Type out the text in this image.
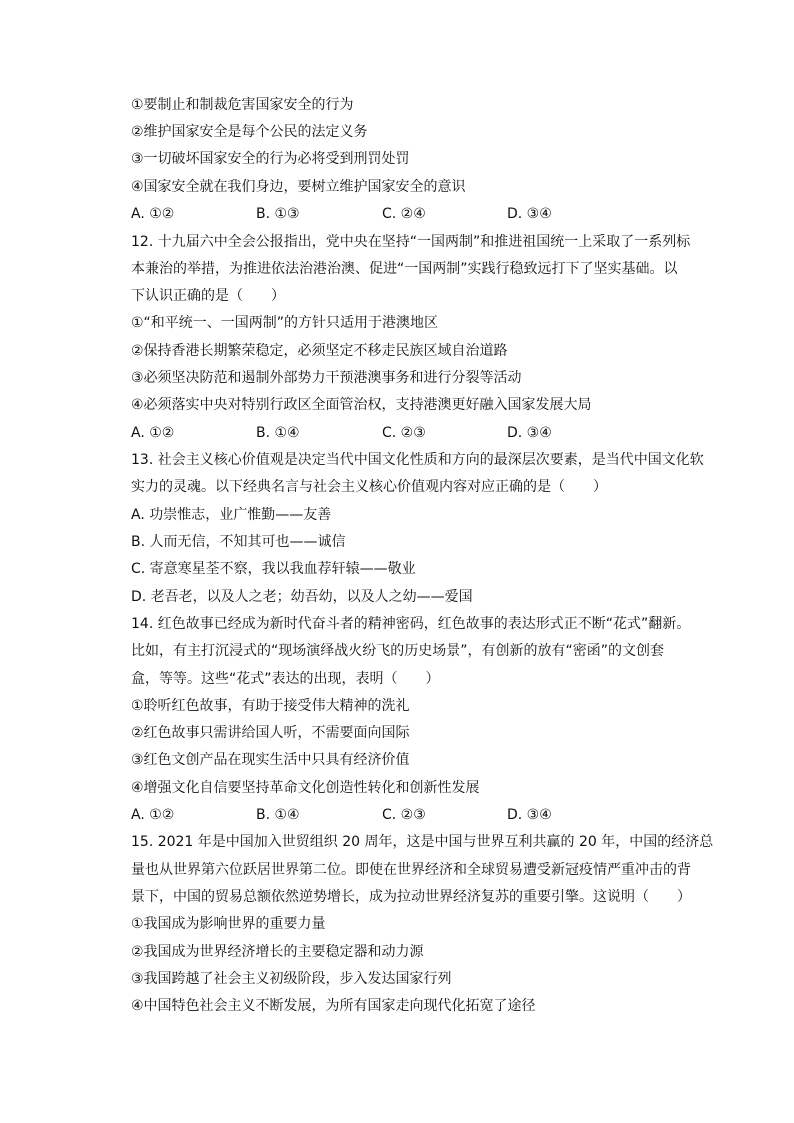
①要制止和制裁危害国家安全的行为
②维护国家安全是每个公民的法定义务
③一切破坏国家安全的行为必将受到刑罚处罚
④国家安全就在我们身边，要树立维护国家安全的意识
A. ①②	B. ①③	C. ②④	D. ③④
12. 十九届六中全会公报指出，党中央在坚持“一国两制”和推进祖国统一上采取了一系列标
本兼治的举措，为推进依法治港治澳、促进“一国两制”实践行稳致远打下了坚实基础。以
下认识正确的是（　　）
①“和平统一、一国两制”的方针只适用于港澳地区
②保持香港长期繁荣稳定，必须坚定不移走民族区域自治道路
③必须坚决防范和遏制外部势力干预港澳事务和进行分裂等活动
④必须落实中央对特别行政区全面管治权，支持港澳更好融入国家发展大局
A. ①②	B. ①④	C. ②③	D. ③④
13. 社会主义核心价值观是决定当代中国文化性质和方向的最深层次要素，是当代中国文化软
实力的灵魂。以下经典名言与社会主义核心价值观内容对应正确的是（　　）
A. 功崇惟志，业广惟勤——友善
B. 人而无信，不知其可也——诚信
C. 寄意寒星荃不察，我以我血荐轩辕——敬业
D. 老吾老，以及人之老；幼吾幼，以及人之幼——爱国
14. 红色故事已经成为新时代奋斗者的精神密码，红色故事的表达形式正不断“花式”翻新。
比如，有主打沉浸式的“现场演绎战火纷飞的历史场景”，有创新的放有“密函”的文创套
盒，等等。这些“花式”表达的出现，表明（　　）
①聆听红色故事，有助于接受伟大精神的洗礼
②红色故事只需讲给国人听，不需要面向国际
③红色文创产品在现实生活中只具有经济价值
④增强文化自信要坚持革命文化创造性转化和创新性发展
A. ①②	B. ①④	C. ②③	D. ③④
15. 2021 年是中国加入世贸组织 20 周年，这是中国与世界互利共赢的 20 年，中国的经济总
量也从世界第六位跃居世界第二位。即使在世界经济和全球贸易遭受新冠疫情严重冲击的背
景下，中国的贸易总额依然逆势增长，成为拉动世界经济复苏的重要引擎。这说明（　　）
①我国成为影响世界的重要力量
②我国成为世界经济增长的主要稳定器和动力源
③我国跨越了社会主义初级阶段，步入发达国家行列
④中国特色社会主义不断发展，为所有国家走向现代化拓宽了途径
